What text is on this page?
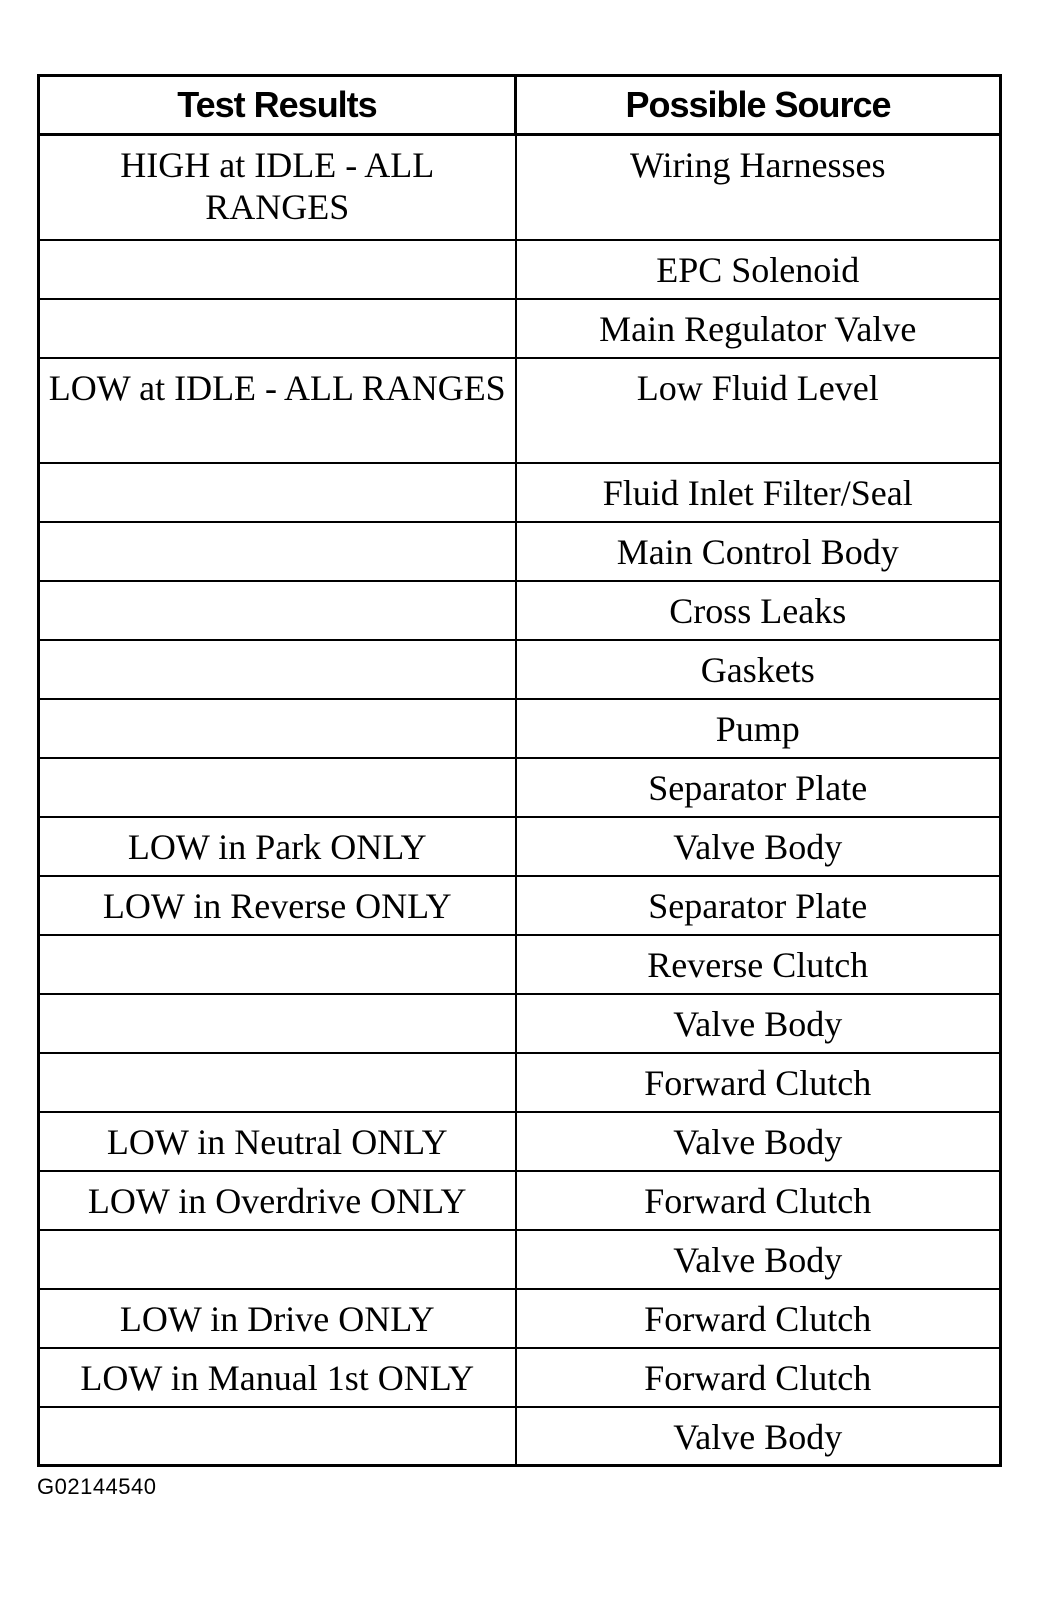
Test Results	Possible Source
HIGH at IDLE - ALL RANGES	Wiring Harnesses
	EPC Solenoid
	Main Regulator Valve
LOW at IDLE - ALL RANGES	Low Fluid Level
	Fluid Inlet Filter/Seal
	Main Control Body
	Cross Leaks
	Gaskets
	Pump
	Separator Plate
LOW in Park ONLY	Valve Body
LOW in Reverse ONLY	Separator Plate
	Reverse Clutch
	Valve Body
	Forward Clutch
LOW in Neutral ONLY	Valve Body
LOW in Overdrive ONLY	Forward Clutch
	Valve Body
LOW in Drive ONLY	Forward Clutch
LOW in Manual 1st ONLY	Forward Clutch
	Valve Body
G02144540
